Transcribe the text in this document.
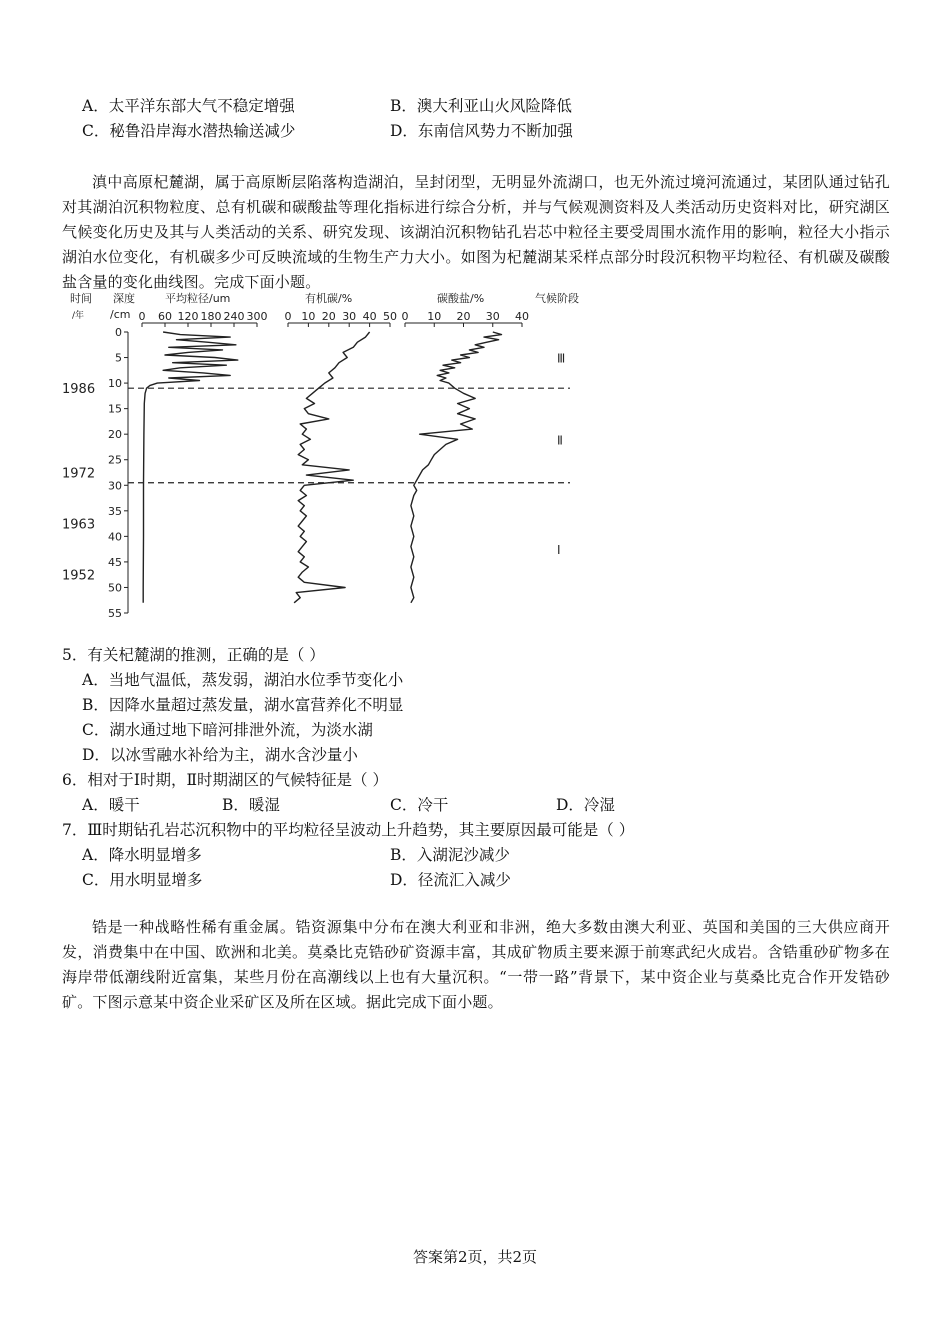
A．太平洋东部大气不稳定增强	B．澳大利亚山火风险降低
C．秘鲁沿岸海水潜热输送减少	D．东南信风势力不断加强
滇中高原杞麓湖，属于高原断层陷落构造湖泊，呈封闭型，无明显外流湖口，也无外流过境河流通过，某团队通过钻孔对其湖泊沉积物粒度、总有机碳和碳酸盐等理化指标进行综合分析，并与气候观测资料及人类活动历史资料对比，研究湖区气候变化历史及其与人类活动的关系、研究发现、该湖泊沉积物钻孔岩芯中粒径主要受周围水流作用的影响，粒径大小指示湖泊水位变化，有机碳多少可反映流域的生物生产力大小。如图为杞麓湖某采样点部分时段沉积物平均粒径、有机碳及碳酸盐含量的变化曲线图。完成下面小题。
时间
/年
深度
/cm
平均粒径/um	有机碳/%	碳酸盐/%	气候阶段
0
5
10
15
20
25
30
35
40
45
50
55
1986
1972
1963
1952
0 60 120 180 240 300 0 10 20 30 40 50 0 10 20 30 40
Ⅲ
Ⅱ
Ⅰ
5．有关杞麓湖的推测，正确的是（ ）
A．当地气温低，蒸发弱，湖泊水位季节变化小
B．因降水量超过蒸发量，湖水富营养化不明显
C．湖水通过地下暗河排泄外流，为淡水湖
D．以冰雪融水补给为主，湖水含沙量小
6．相对于Ⅰ时期，Ⅱ时期湖区的气候特征是（ ）
A．暖干	B．暖湿	C．冷干	D．冷湿
7．Ⅲ时期钻孔岩芯沉积物中的平均粒径呈波动上升趋势，其主要原因最可能是（ ）
A．降水明显增多	B．入湖泥沙减少
C．用水明显增多	D．径流汇入减少
锆是一种战略性稀有重金属。锆资源集中分布在澳大利亚和非洲，绝大多数由澳大利亚、英国和美国的三大供应商开发，消费集中在中国、欧洲和北美。莫桑比克锆砂矿资源丰富，其成矿物质主要来源于前寒武纪火成岩。含锆重砂矿物多在海岸带低潮线附近富集，某些月份在高潮线以上也有大量沉积。“一带一路”背景下，某中资企业与莫桑比克合作开发锆砂矿。下图示意某中资企业采矿区及所在区域。据此完成下面小题。
答案第2页，共2页
